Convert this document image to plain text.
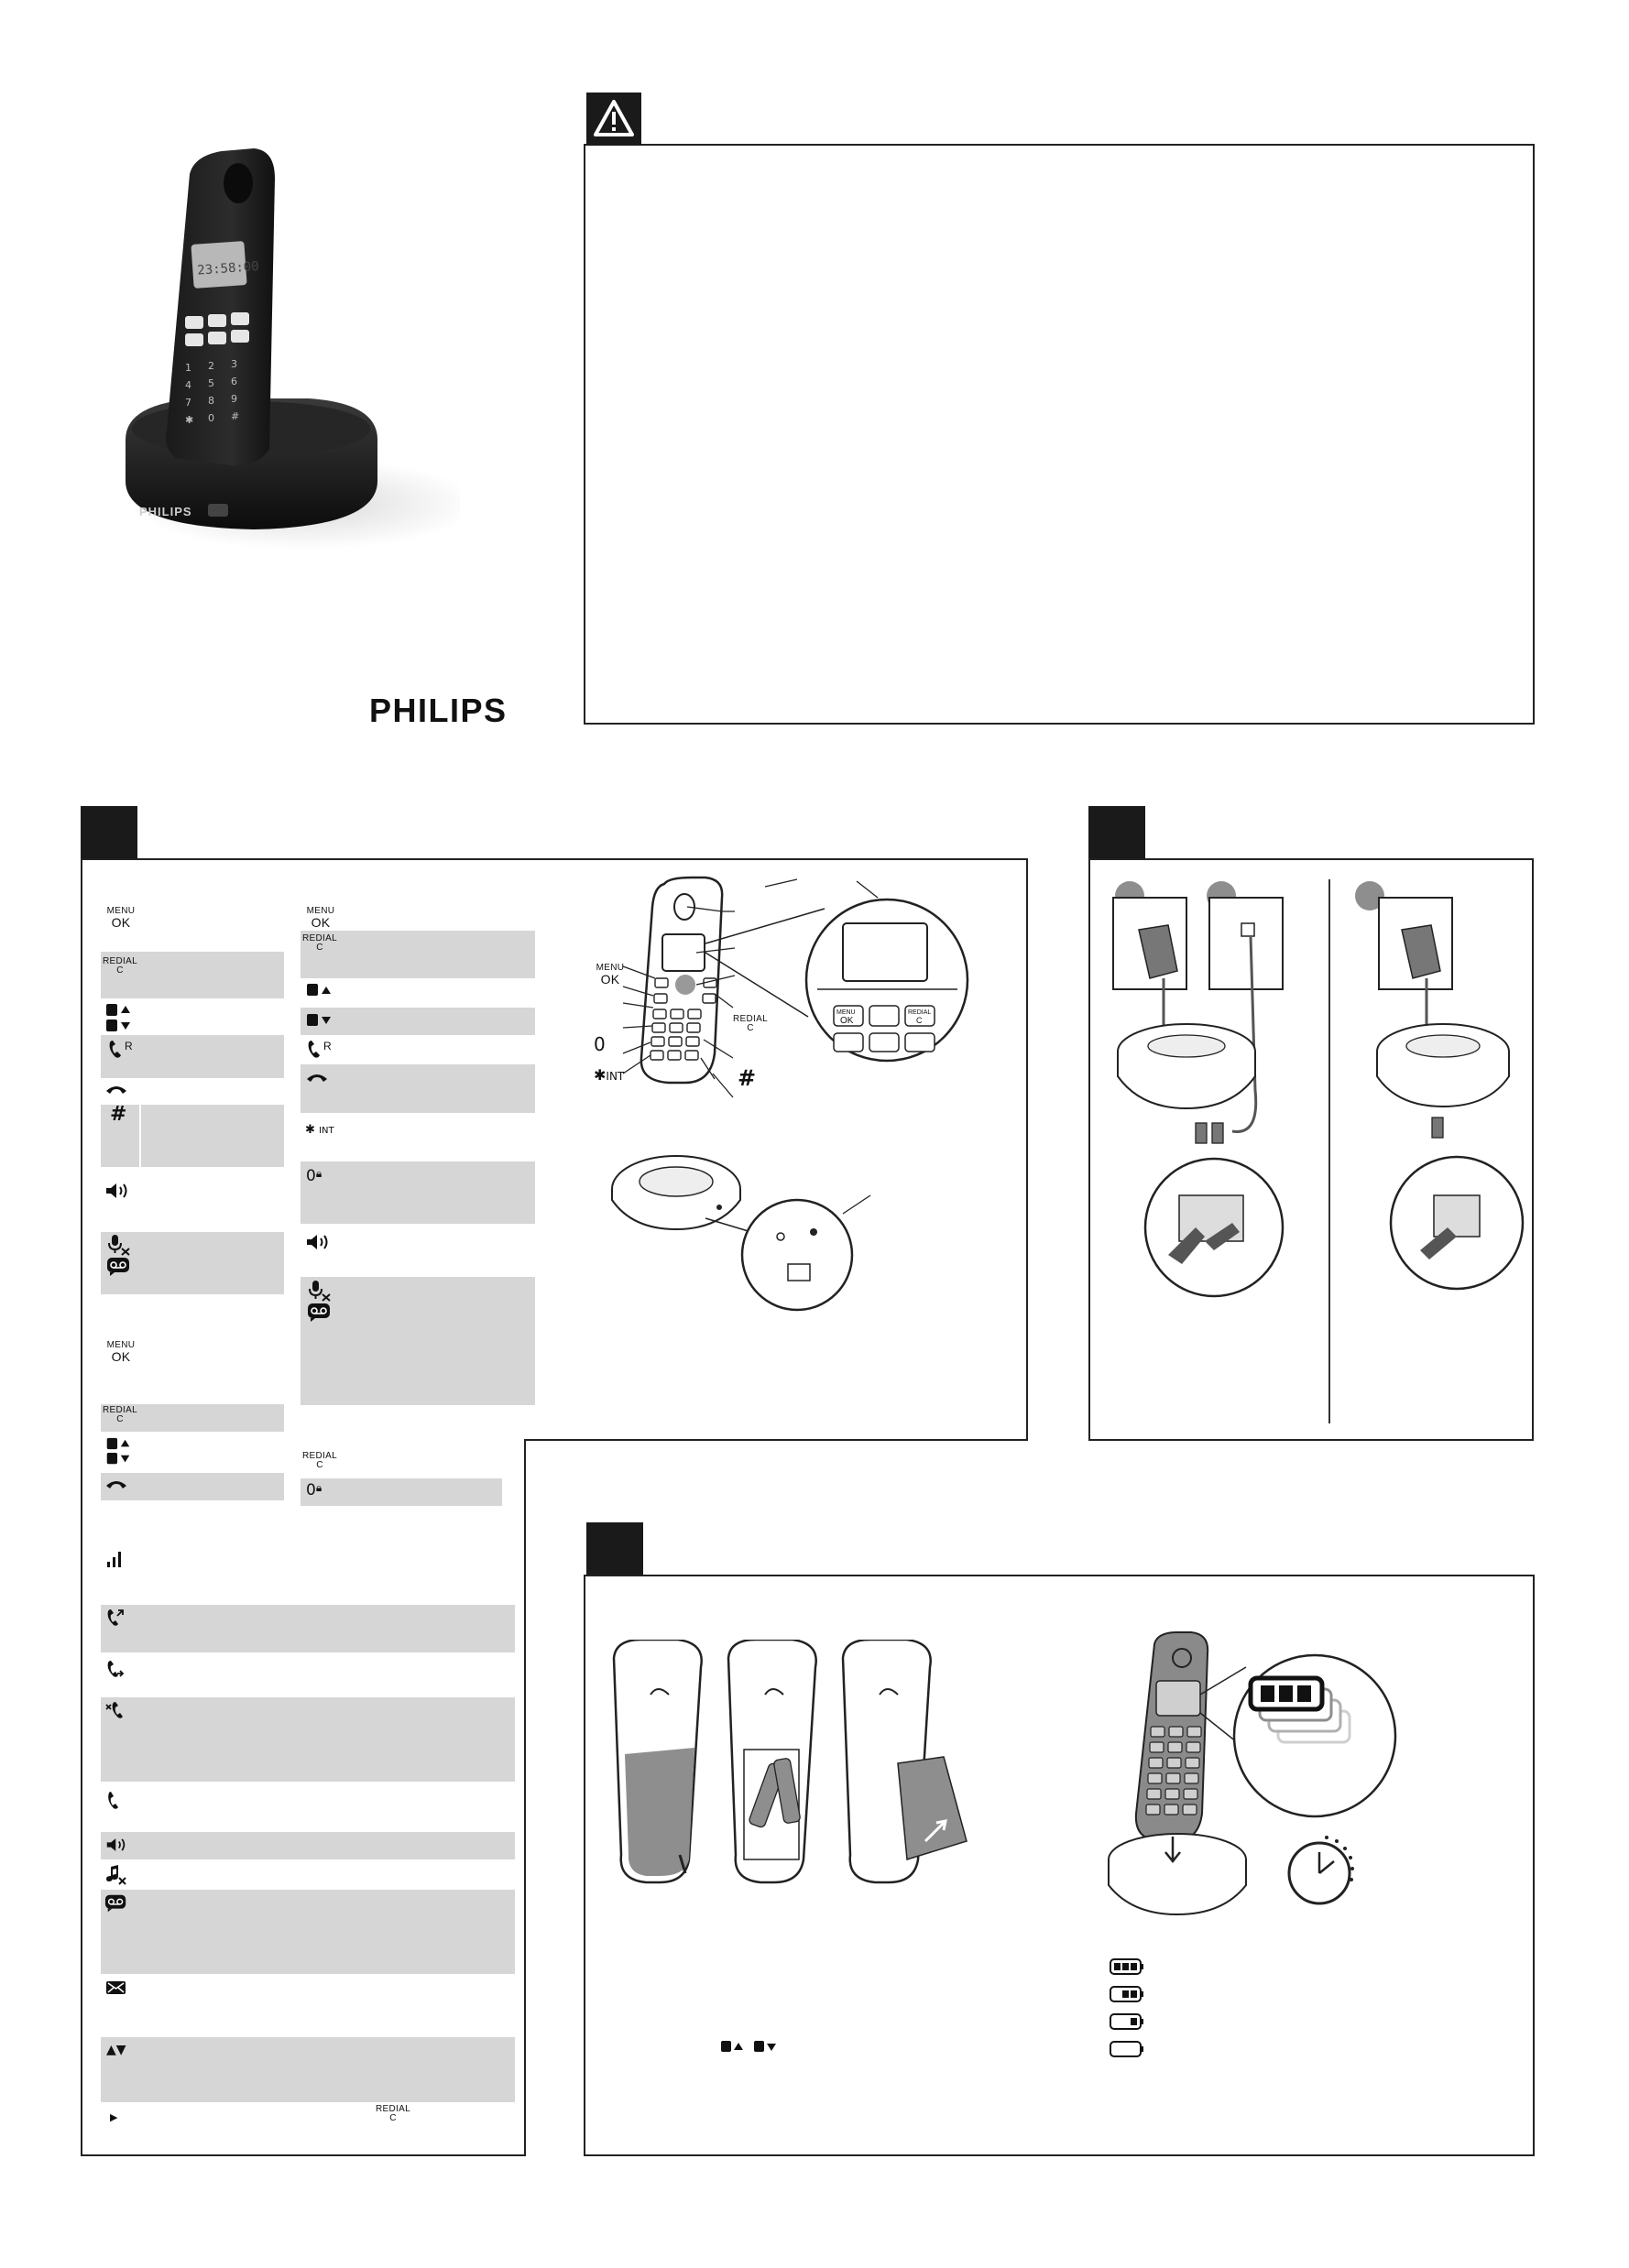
PHILIPS
23:58:00
1 2 3
4 5 6
7 8 9
✱ 0 #
PHILIPS
MENU
OK
REDIAL
C
R
#
MENU
OK
REDIAL
C
MENU
OK
REDIAL
C
R
✱ INT
0🔒︎
REDIAL
C
0🔒︎
▲▼
▶
REDIAL
C
MENU
OK
REDIAL
C
MENU
OK
REDIAL
C
#
0
✱INT
